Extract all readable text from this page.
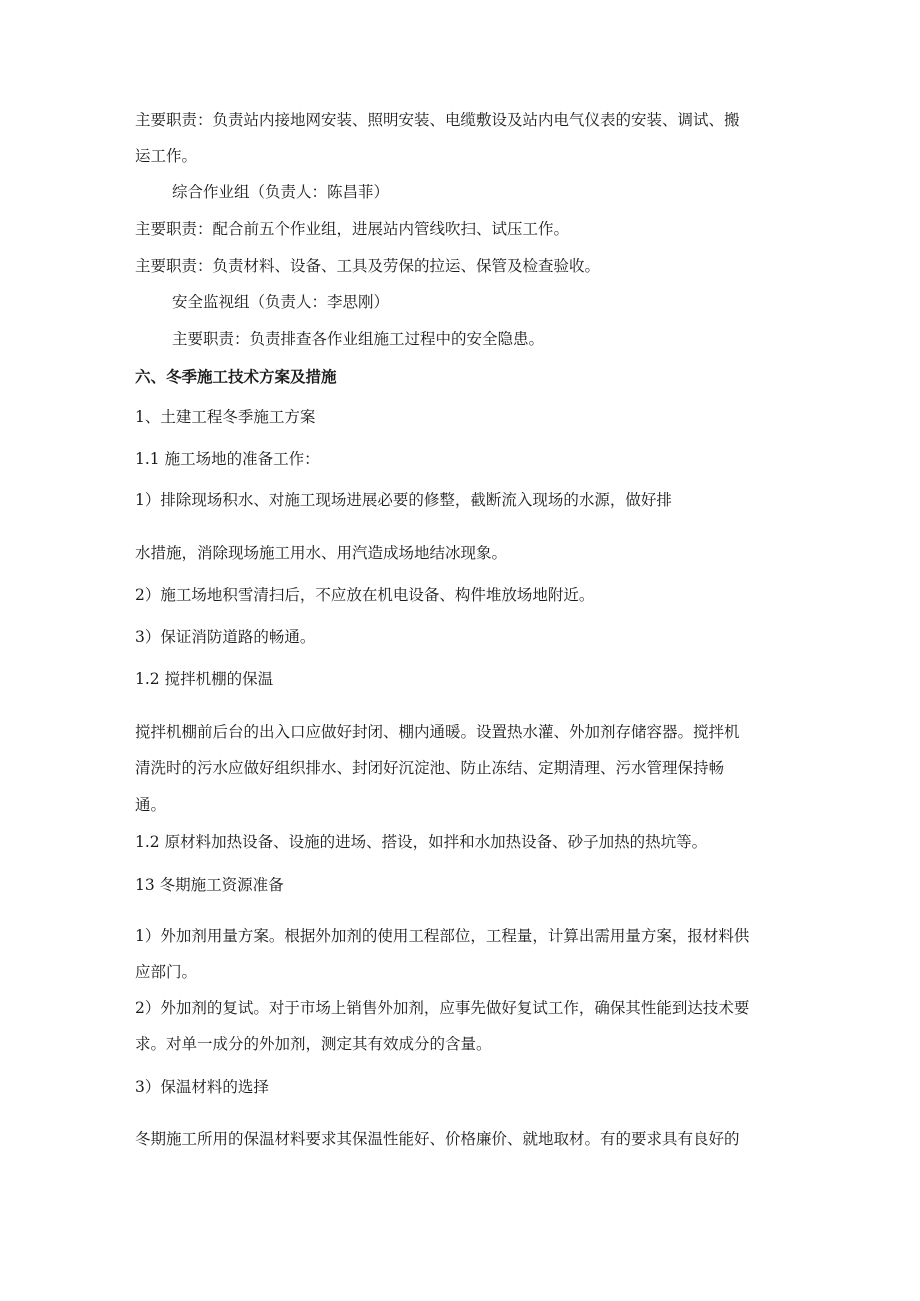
主要职责：负责站内接地网安装、照明安装、电缆敷设及站内电气仪表的安装、调试、搬
运工作。
综合作业组（负责人：陈昌菲）
主要职责：配合前五个作业组，进展站内管线吹扫、试压工作。
主要职责：负责材料、设备、工具及劳保的拉运、保管及检查验收。
安全监视组（负责人：李思刚）
主要职责：负责排查各作业组施工过程中的安全隐患。
六、冬季施工技术方案及措施
1、土建工程冬季施工方案
1.1 施工场地的准备工作：
1）排除现场积水、对施工现场进展必要的修整，截断流入现场的水源，做好排
水措施，消除现场施工用水、用汽造成场地结冰现象。
2）施工场地积雪清扫后，不应放在机电设备、构件堆放场地附近。
3）保证消防道路的畅通。
1.2 搅拌机棚的保温
搅拌机棚前后台的出入口应做好封闭、棚内通暖。设置热水灌、外加剂存储容器。搅拌机
清洗时的污水应做好组织排水、封闭好沉淀池、防止冻结、定期清理、污水管理保持畅
通。
1.2 原材料加热设备、设施的进场、搭设，如拌和水加热设备、砂子加热的热坑等。
13 冬期施工资源准备
1）外加剂用量方案。根据外加剂的使用工程部位，工程量，计算出需用量方案，报材料供
应部门。
2）外加剂的复试。对于市场上销售外加剂，应事先做好复试工作，确保其性能到达技术要
求。对单一成分的外加剂，测定其有效成分的含量。
3）保温材料的选择
冬期施工所用的保温材料要求其保温性能好、价格廉价、就地取材。有的要求具有良好的
